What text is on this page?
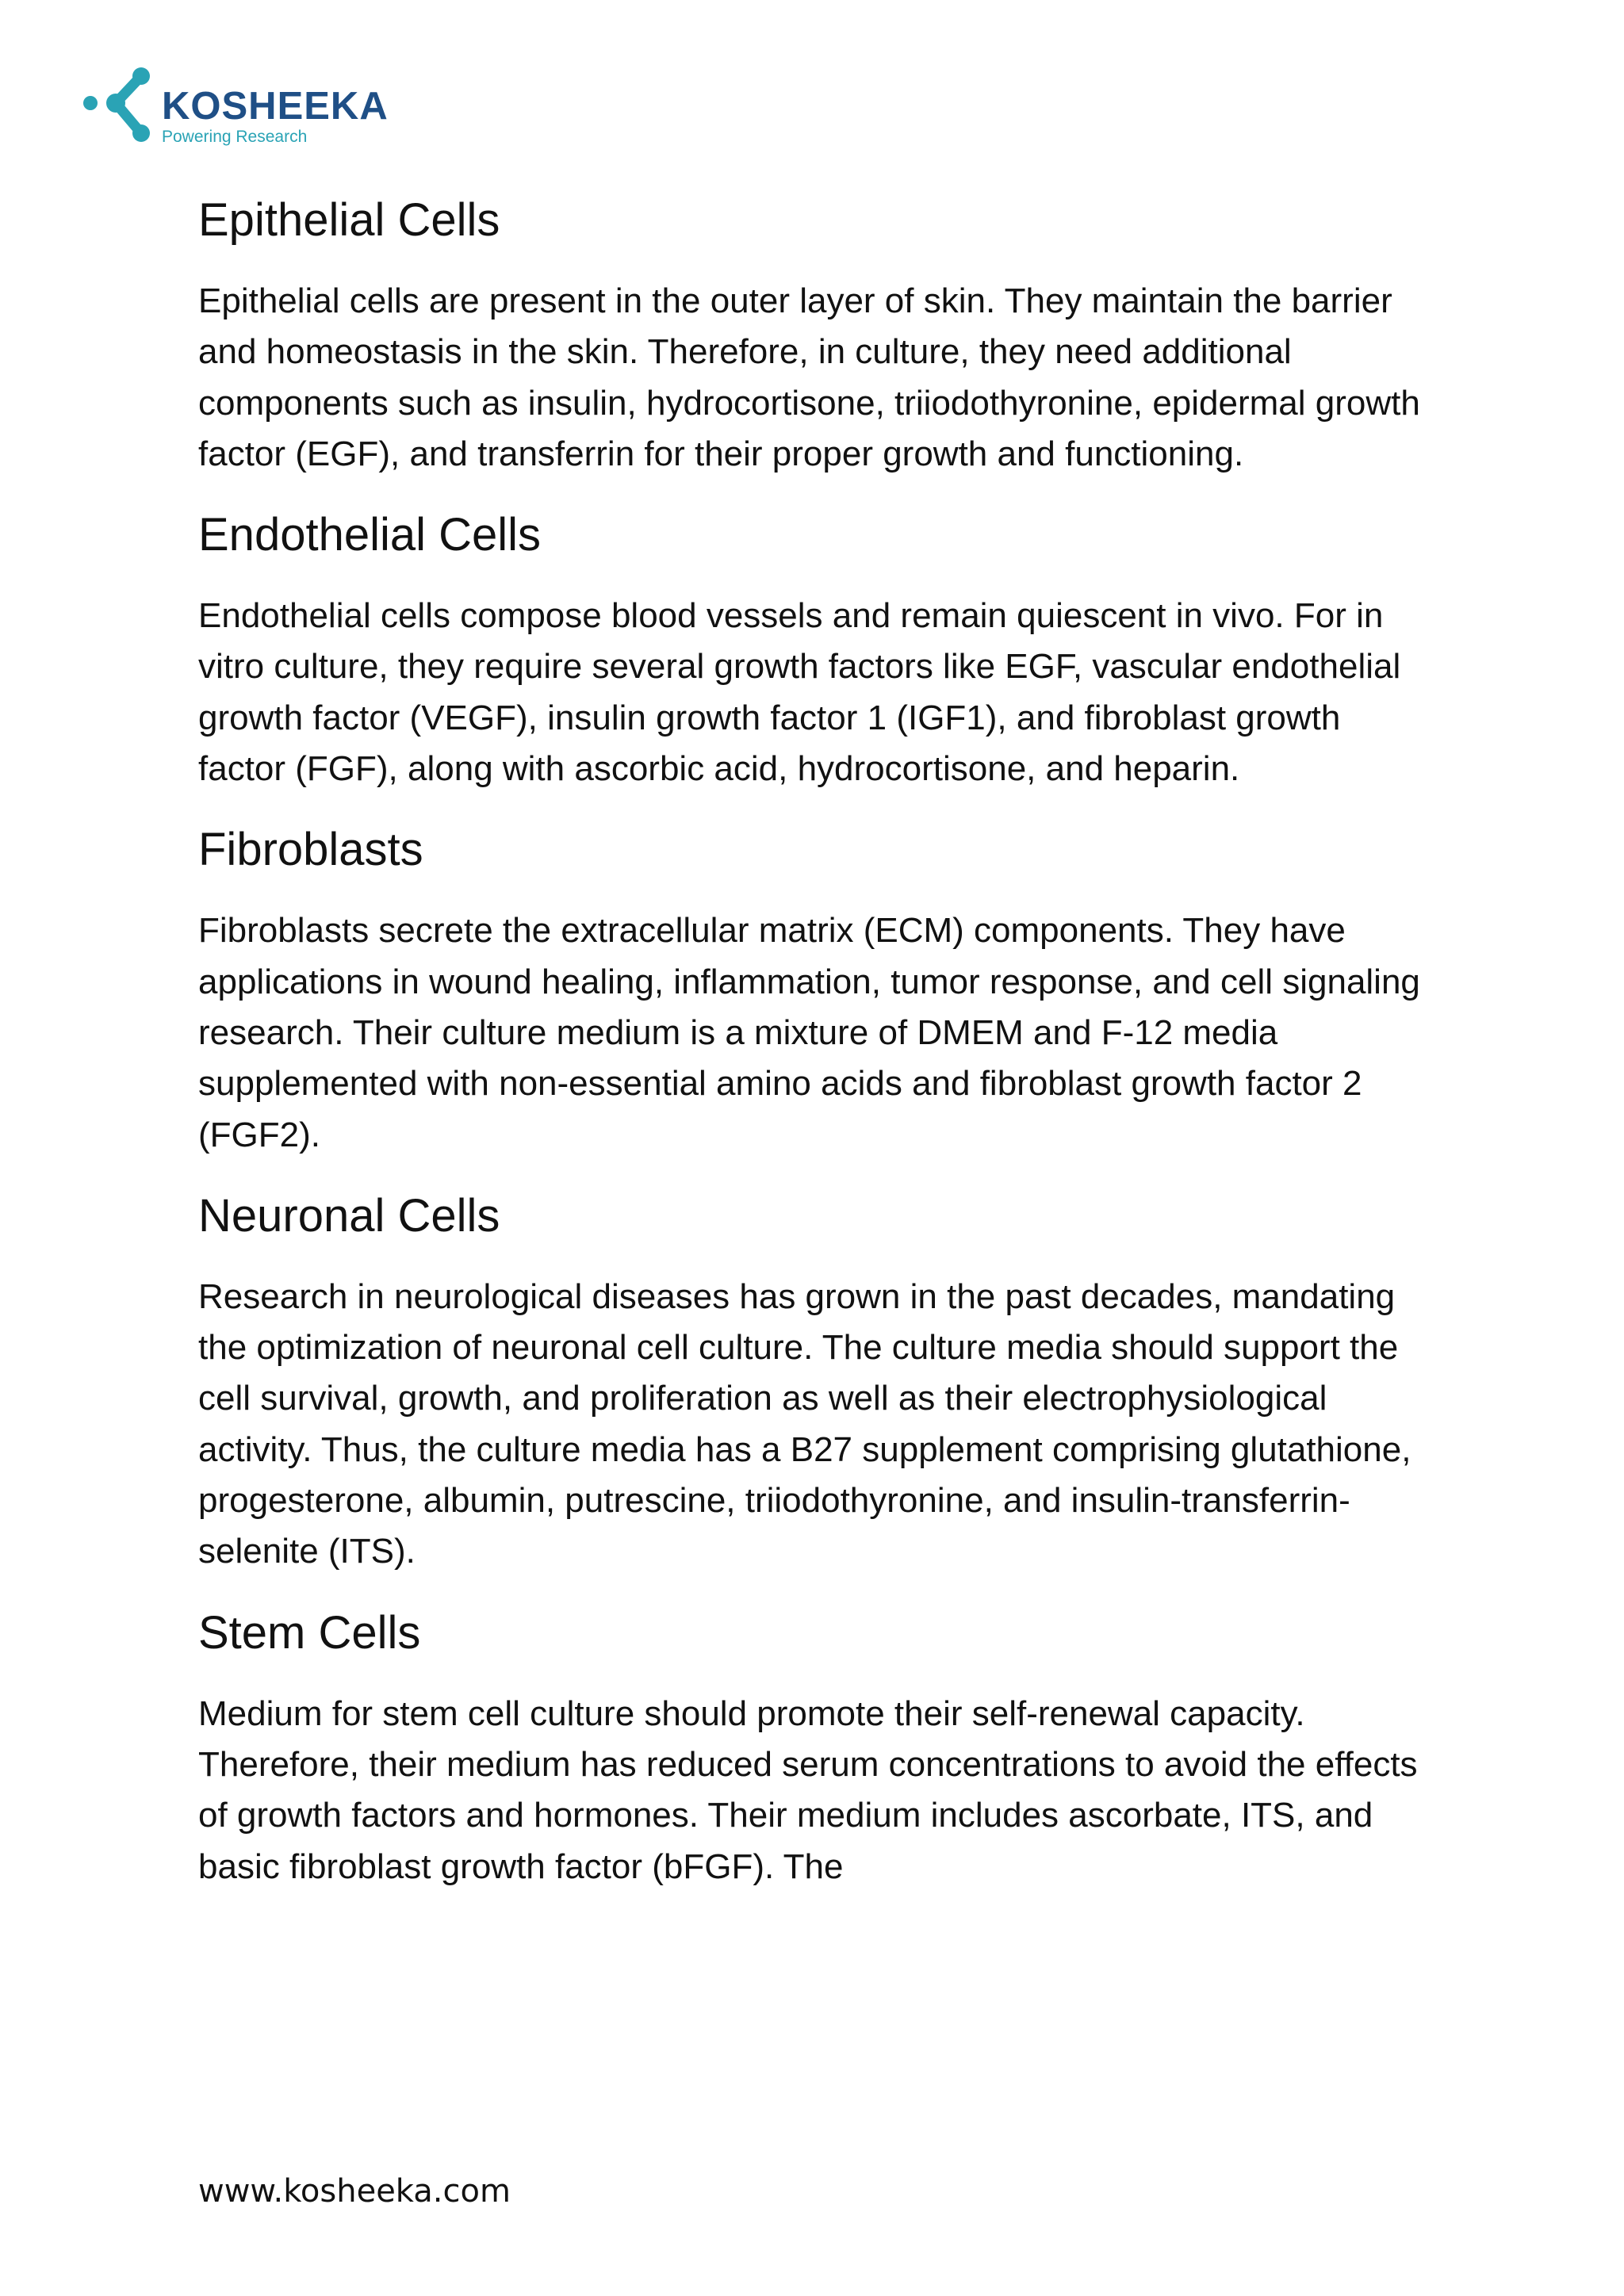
KOSHEEKA
Powering Research
Epithelial Cells

Epithelial cells are present in the outer layer of skin. They maintain the barrier and homeostasis in the skin. Therefore, in culture, they need additional components such as insulin, hydrocortisone, triiodothyronine, epidermal growth factor (EGF), and transferrin for their proper growth and functioning.

Endothelial Cells

Endothelial cells compose blood vessels and remain quiescent in vivo. For in vitro culture, they require several growth factors like EGF, vascular endothelial growth factor (VEGF), insulin growth factor 1 (IGF1), and fibroblast growth factor (FGF), along with ascorbic acid, hydrocortisone, and heparin.

Fibroblasts

Fibroblasts secrete the extracellular matrix (ECM) components. They have applications in wound healing, inflammation, tumor response, and cell signaling research. Their culture medium is a mixture of DMEM and F-12 media supplemented with non-essential amino acids and fibroblast growth factor 2 (FGF2).

Neuronal Cells

Research in neurological diseases has grown in the past decades, mandating the optimization of neuronal cell culture. The culture media should support the cell survival, growth, and proliferation as well as their electrophysiological activity. Thus, the culture media has a B27 supplement comprising glutathione, progesterone, albumin, putrescine, triiodothyronine, and insulin-transferrin-selenite (ITS).

Stem Cells

Medium for stem cell culture should promote their self-renewal capacity. Therefore, their medium has reduced serum concentrations to avoid the effects of growth factors and hormones. Their medium includes ascorbate, ITS, and basic fibroblast growth factor (bFGF). The

www.kosheeka.com
